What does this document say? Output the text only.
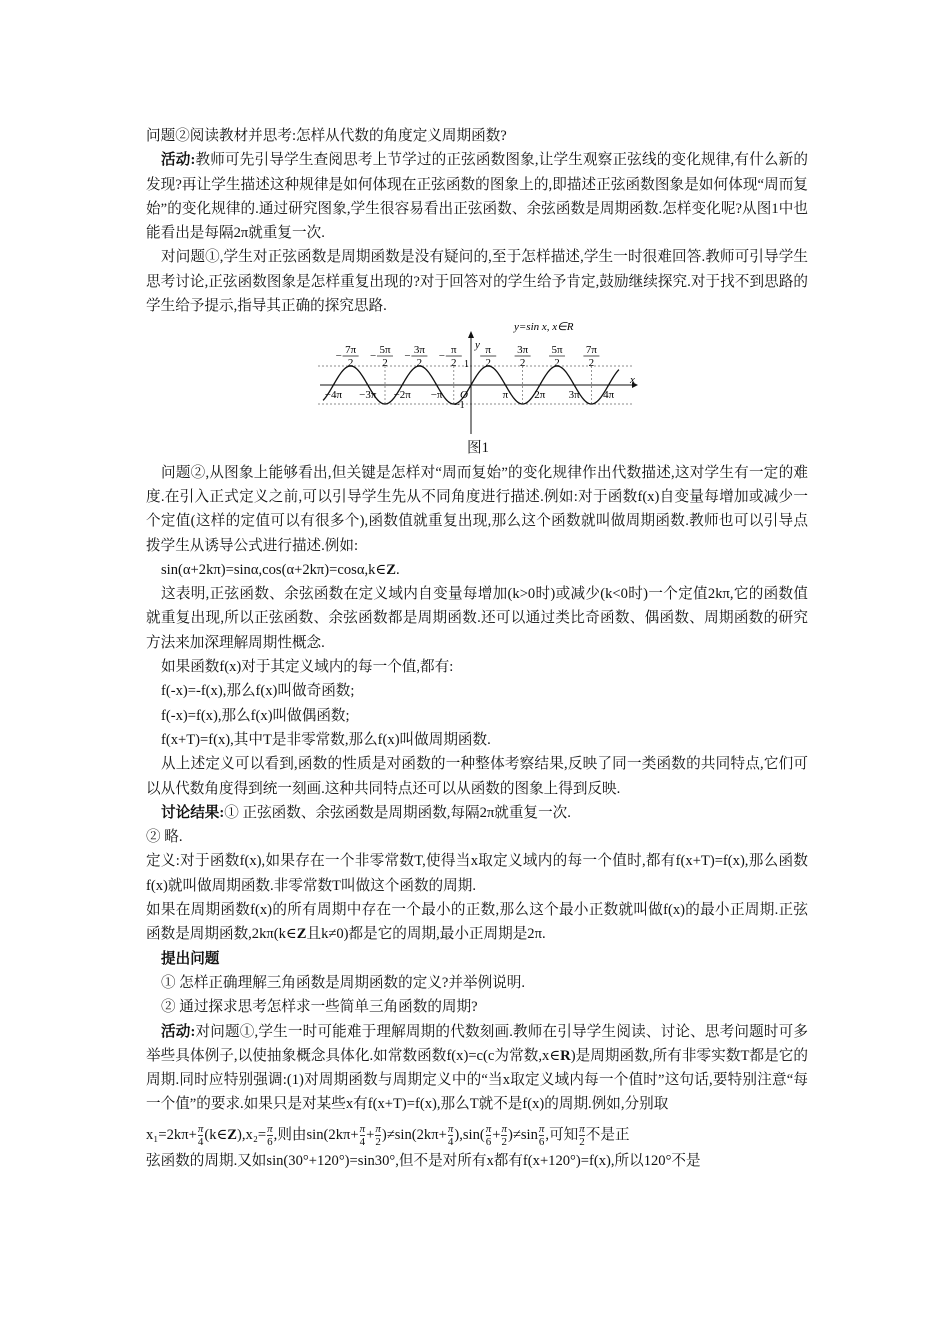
问题②阅读教材并思考:怎样从代数的角度定义周期函数?

活动:教师可先引导学生查阅思考上节学过的正弦函数图象,让学生观察正弦线的变化规律,有什么新的发现?再让学生描述这种规律是如何体现在正弦函数的图象上的,即描述正弦函数图象是如何体现“周而复始”的变化规律的.通过研究图象,学生很容易看出正弦函数、余弦函数是周期函数.怎样变化呢?从图1中也能看出是每隔2π就重复一次.

对问题①,学生对正弦函数是周期函数是没有疑问的,至于怎样描述,学生一时很难回答.教师可引导学生思考讨论,正弦函数图象是怎样重复出现的?对于回答对的学生给予肯定,鼓励继续探究.对于找不到思路的学生给予提示,指导其正确的探究思路.

− 7π
2
− 5π
2
− 3π
2
− π
2
π
2
3π
2
5π
2
7π
2
−4π −3π −2π −π O	π 2π 3π 4π
y=sin x, x∈R
y
x
1
−1

图1

问题②,从图象上能够看出,但关键是怎样对“周而复始”的变化规律作出代数描述,这对学生有一定的难度.在引入正式定义之前,可以引导学生先从不同角度进行描述.例如:对于函数f(x)自变量每增加或减少一个定值(这样的定值可以有很多个),函数值就重复出现,那么这个函数就叫做周期函数.教师也可以引导点拨学生从诱导公式进行描述.例如:

sin(α+2kπ)=sinα,cos(α+2kπ)=cosα,k∈Z.

这表明,正弦函数、余弦函数在定义域内自变量每增加(k>0时)或减少(k<0时)一个定值2kπ,它的函数值就重复出现,所以正弦函数、余弦函数都是周期函数.还可以通过类比奇函数、偶函数、周期函数的研究方法来加深理解周期性概念.

如果函数f(x)对于其定义域内的每一个值,都有:

f(-x)=-f(x),那么f(x)叫做奇函数;

f(-x)=f(x),那么f(x)叫做偶函数;

f(x+T)=f(x),其中T是非零常数,那么f(x)叫做周期函数.

从上述定义可以看到,函数的性质是对函数的一种整体考察结果,反映了同一类函数的共同特点,它们可以从代数角度得到统一刻画.这种共同特点还可以从函数的图象上得到反映.

讨论结果:① 正弦函数、余弦函数是周期函数,每隔2π就重复一次.

② 略.

定义:对于函数f(x),如果存在一个非零常数T,使得当x取定义域内的每一个值时,都有f(x+T)=f(x),那么函数f(x)就叫做周期函数.非零常数T叫做这个函数的周期.

如果在周期函数f(x)的所有周期中存在一个最小的正数,那么这个最小正数就叫做f(x)的最小正周期.正弦函数是周期函数,2kπ(k∈Z且k≠0)都是它的周期,最小正周期是2π.

提出问题

① 怎样正确理解三角函数是周期函数的定义?并举例说明.

② 通过探求思考怎样求一些简单三角函数的周期?

活动:对问题①,学生一时可能难于理解周期的代数刻画.教师在引导学生阅读、讨论、思考问题时可多举些具体例子,以使抽象概念具体化.如常数函数f(x)=c(c为常数,x∈R)是周期函数,所有非零实数T都是它的周期.同时应特别强调:(1)对周期函数与周期定义中的“当x取定义域内每一个值时”这句话,要特别注意“每一个值”的要求.如果只是对某些x有f(x+T)=f(x),那么T就不是f(x)的周期.例如,分别取

$x_1=2k\pi+ \frac{\pi}{4}$ (k∈Z),x₂= $\frac{\pi}{6}$ ,则由$\sin(2k\pi+ \frac{\pi}{4} + \frac{\pi}{2} )\ne\sin(2k\pi+ \frac{\pi}{4} ),\sin( \frac{\pi}{6} + \frac{\pi}{2} )\ne\sin \frac{\pi}{6}$ ,可知 $\frac{\pi}{2}$ 不是正

弦函数的周期.又如sin(30°+120°)=sin30°,但不是对所有x都有f(x+120°)=f(x),所以120°不是
